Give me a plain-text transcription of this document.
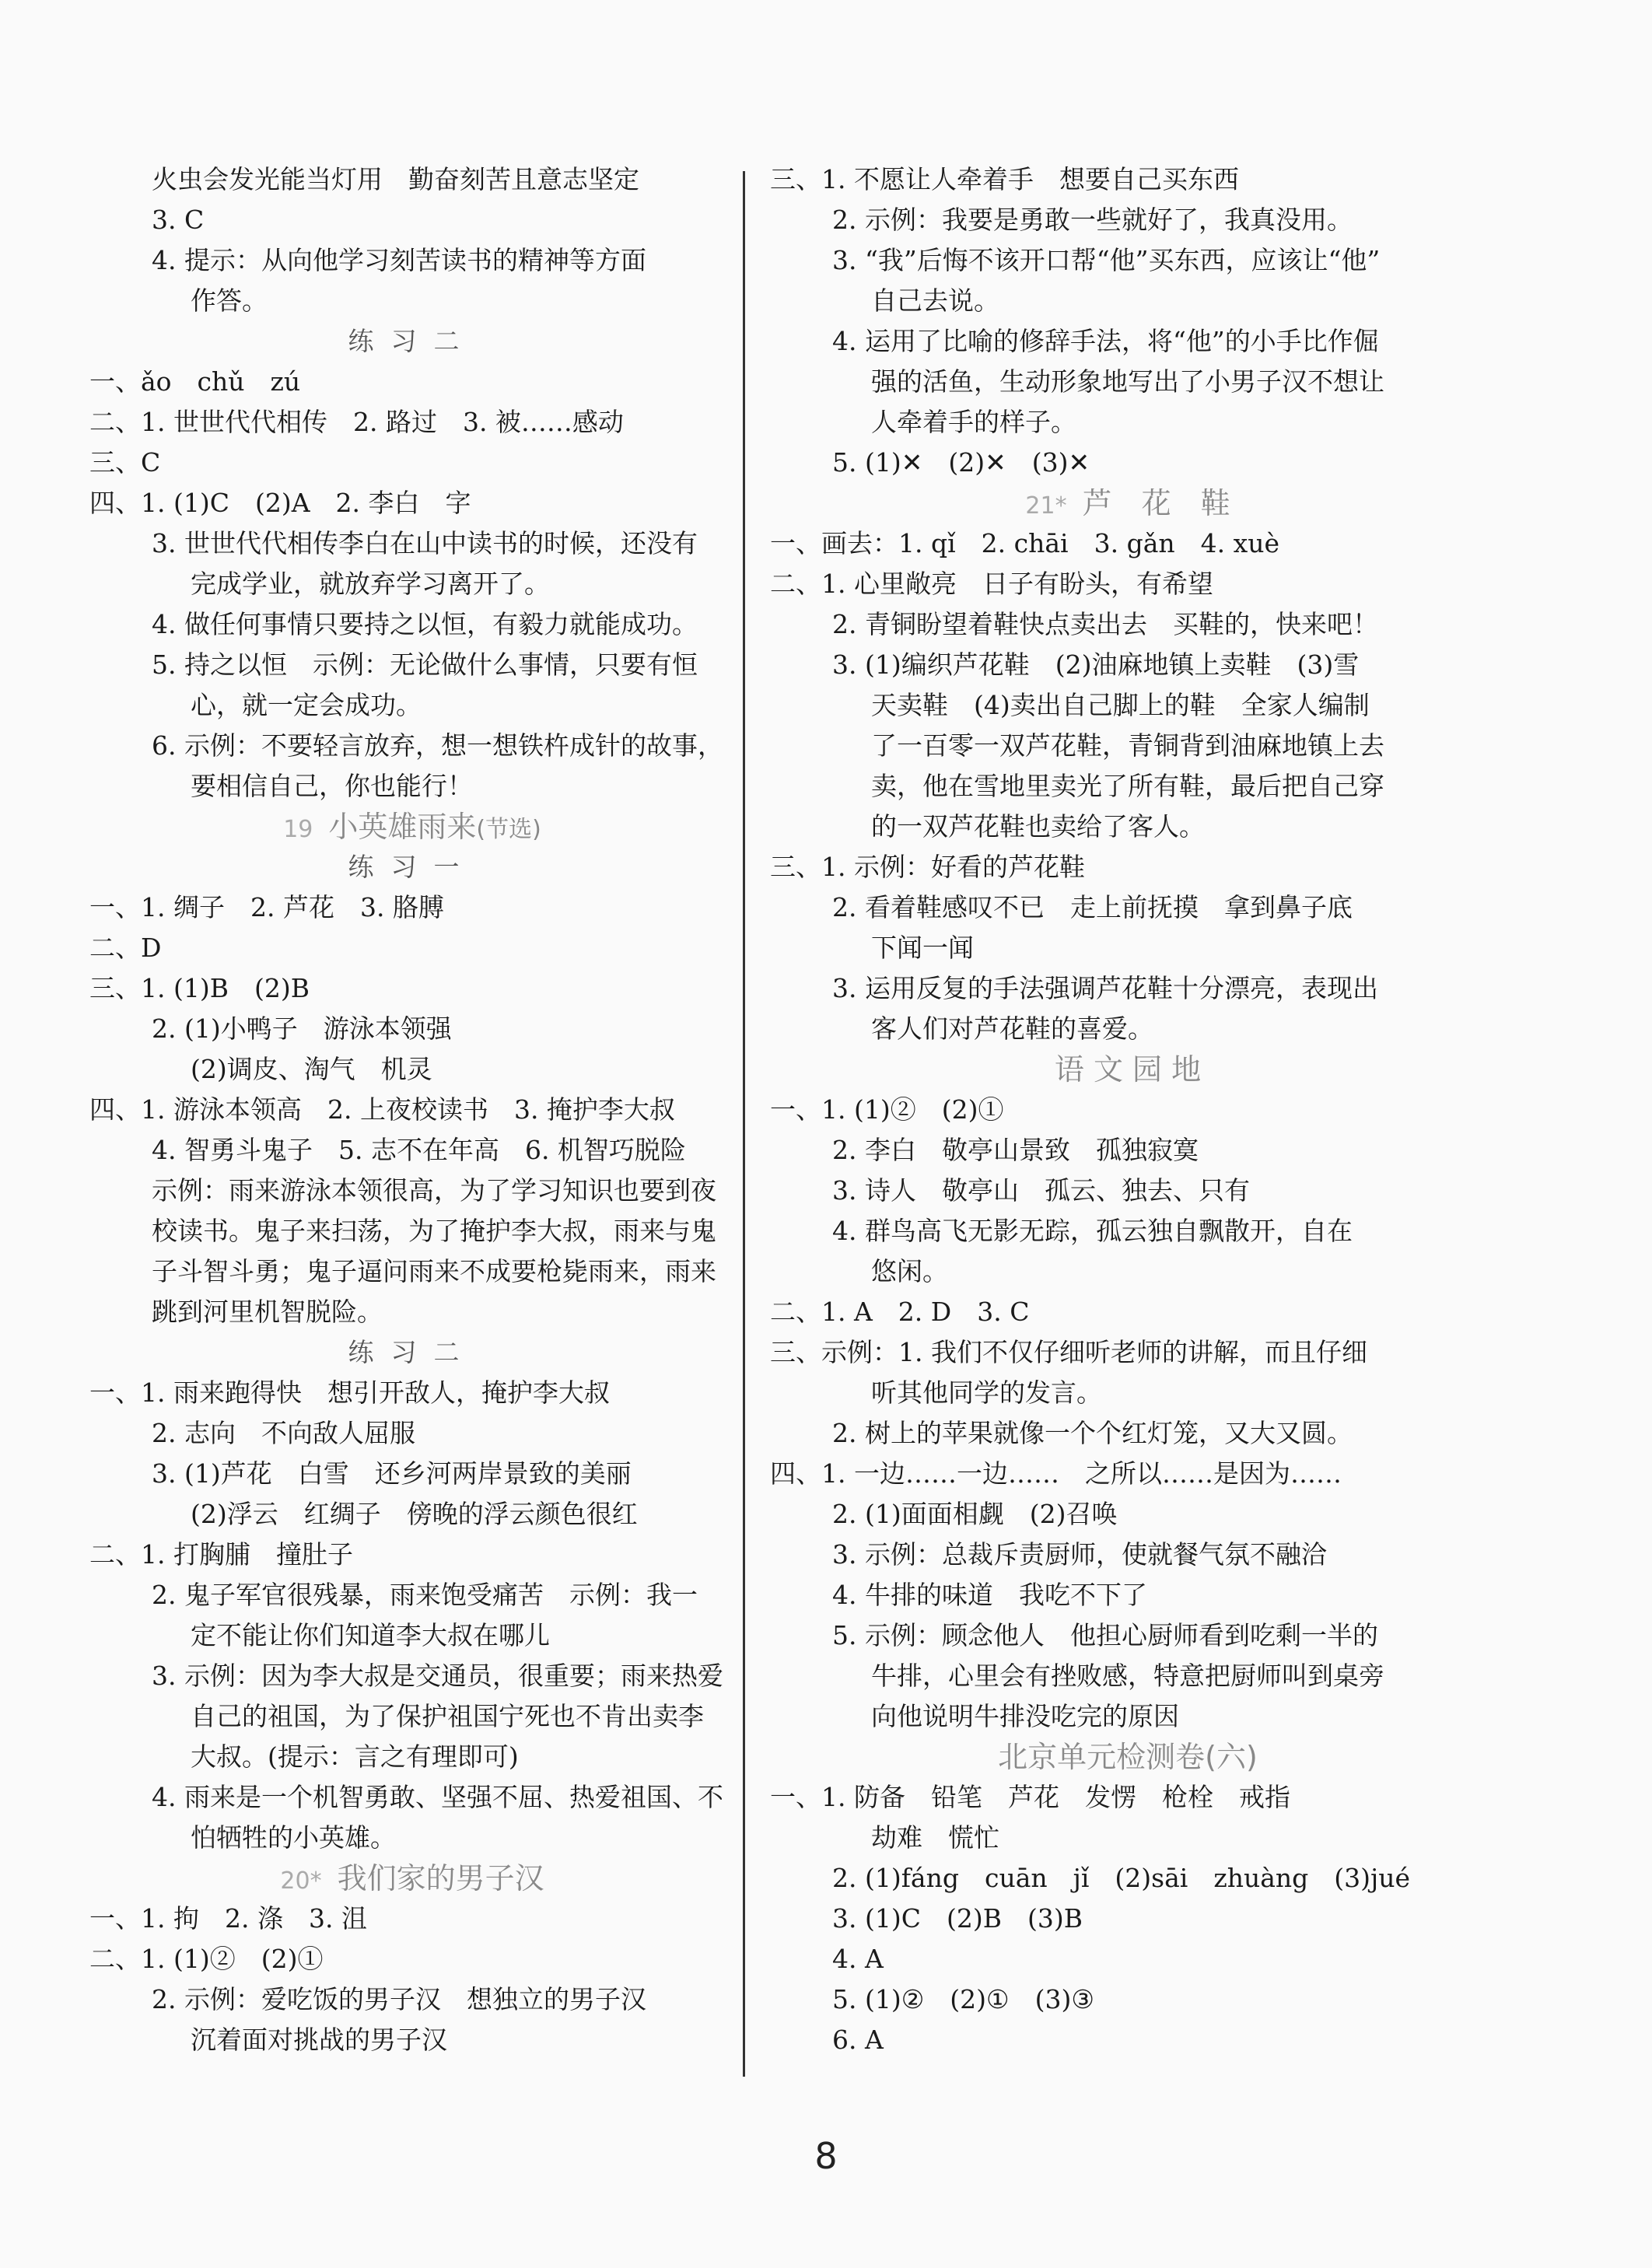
火虫会发光能当灯用　勤奋刻苦且意志坚定
3. C
4. 提示：从向他学习刻苦读书的精神等方面
作答。
练习二
一、ǎo　chǔ　zú
二、1. 世世代代相传　2. 路过　3. 被……感动
三、C
四、1. (1)C　(2)A　2. 李白　字
3. 世世代代相传李白在山中读书的时候，还没有
完成学业，就放弃学习离开了。
4. 做任何事情只要持之以恒，有毅力就能成功。
5. 持之以恒　示例：无论做什么事情，只要有恒
心，就一定会成功。
6. 示例：不要轻言放弃，想一想铁杵成针的故事，
要相信自己，你也能行！
19 小英雄雨来(节选)
练习一
一、1. 绸子　2. 芦花　3. 胳膊
二、D
三、1. (1)B　(2)B
2. (1)小鸭子　游泳本领强
(2)调皮、淘气　机灵
四、1. 游泳本领高　2. 上夜校读书　3. 掩护李大叔
4. 智勇斗鬼子　5. 志不在年高　6. 机智巧脱险
示例：雨来游泳本领很高，为了学习知识也要到夜
校读书。鬼子来扫荡，为了掩护李大叔，雨来与鬼
子斗智斗勇；鬼子逼问雨来不成要枪毙雨来，雨来
跳到河里机智脱险。
练习二
一、1. 雨来跑得快　想引开敌人，掩护李大叔
2. 志向　不向敌人屈服
3. (1)芦花　白雪　还乡河两岸景致的美丽
(2)浮云　红绸子　傍晚的浮云颜色很红
二、1. 打胸脯　撞肚子
2. 鬼子军官很残暴，雨来饱受痛苦　示例：我一
定不能让你们知道李大叔在哪儿
3. 示例：因为李大叔是交通员，很重要；雨来热爱
自己的祖国，为了保护祖国宁死也不肯出卖李
大叔。(提示：言之有理即可)
4. 雨来是一个机智勇敢、坚强不屈、热爱祖国、不
怕牺牲的小英雄。
20* 我们家的男子汉
一、1. 拘　2. 涤　3. 沮
二、1. (1)②　(2)①
2. 示例：爱吃饭的男子汉　想独立的男子汉
沉着面对挑战的男子汉
三、1. 不愿让人牵着手　想要自己买东西
2. 示例：我要是勇敢一些就好了，我真没用。
3. “我”后悔不该开口帮“他”买东西，应该让“他”
自己去说。
4. 运用了比喻的修辞手法，将“他”的小手比作倔
强的活鱼，生动形象地写出了小男子汉不想让
人牵着手的样子。
5. (1)✕　(2)✕　(3)✕
21* 芦　花　鞋
一、画去：1. qǐ　2. chāi　3. gǎn　4. xuè
二、1. 心里敞亮　日子有盼头，有希望
2. 青铜盼望着鞋快点卖出去　买鞋的，快来吧！
3. (1)编织芦花鞋　(2)油麻地镇上卖鞋　(3)雪
天卖鞋　(4)卖出自己脚上的鞋　全家人编制
了一百零一双芦花鞋，青铜背到油麻地镇上去
卖，他在雪地里卖光了所有鞋，最后把自己穿
的一双芦花鞋也卖给了客人。
三、1. 示例：好看的芦花鞋
2. 看着鞋感叹不已　走上前抚摸　拿到鼻子底
下闻一闻
3. 运用反复的手法强调芦花鞋十分漂亮，表现出
客人们对芦花鞋的喜爱。
语 文 园 地
一、1. (1)②　(2)①
2. 李白　敬亭山景致　孤独寂寞
3. 诗人　敬亭山　孤云、独去、只有
4. 群鸟高飞无影无踪，孤云独自飘散开，自在
悠闲。
二、1. A　2. D　3. C
三、示例：1. 我们不仅仔细听老师的讲解，而且仔细
听其他同学的发言。
2. 树上的苹果就像一个个红灯笼，又大又圆。
四、1. 一边……一边……　之所以……是因为……
2. (1)面面相觑　(2)召唤
3. 示例：总裁斥责厨师，使就餐气氛不融洽
4. 牛排的味道　我吃不下了
5. 示例：顾念他人　他担心厨师看到吃剩一半的
牛排，心里会有挫败感，特意把厨师叫到桌旁
向他说明牛排没吃完的原因
北京单元检测卷(六)
一、1. 防备　铅笔　芦花　发愣　枪栓　戒指
劫难　慌忙
2. (1)fáng　cuān　jǐ　(2)sāi　zhuàng　(3)jué
3. (1)C　(2)B　(3)B
4. A
5. (1)②　(2)①　(3)③
6. A
8
